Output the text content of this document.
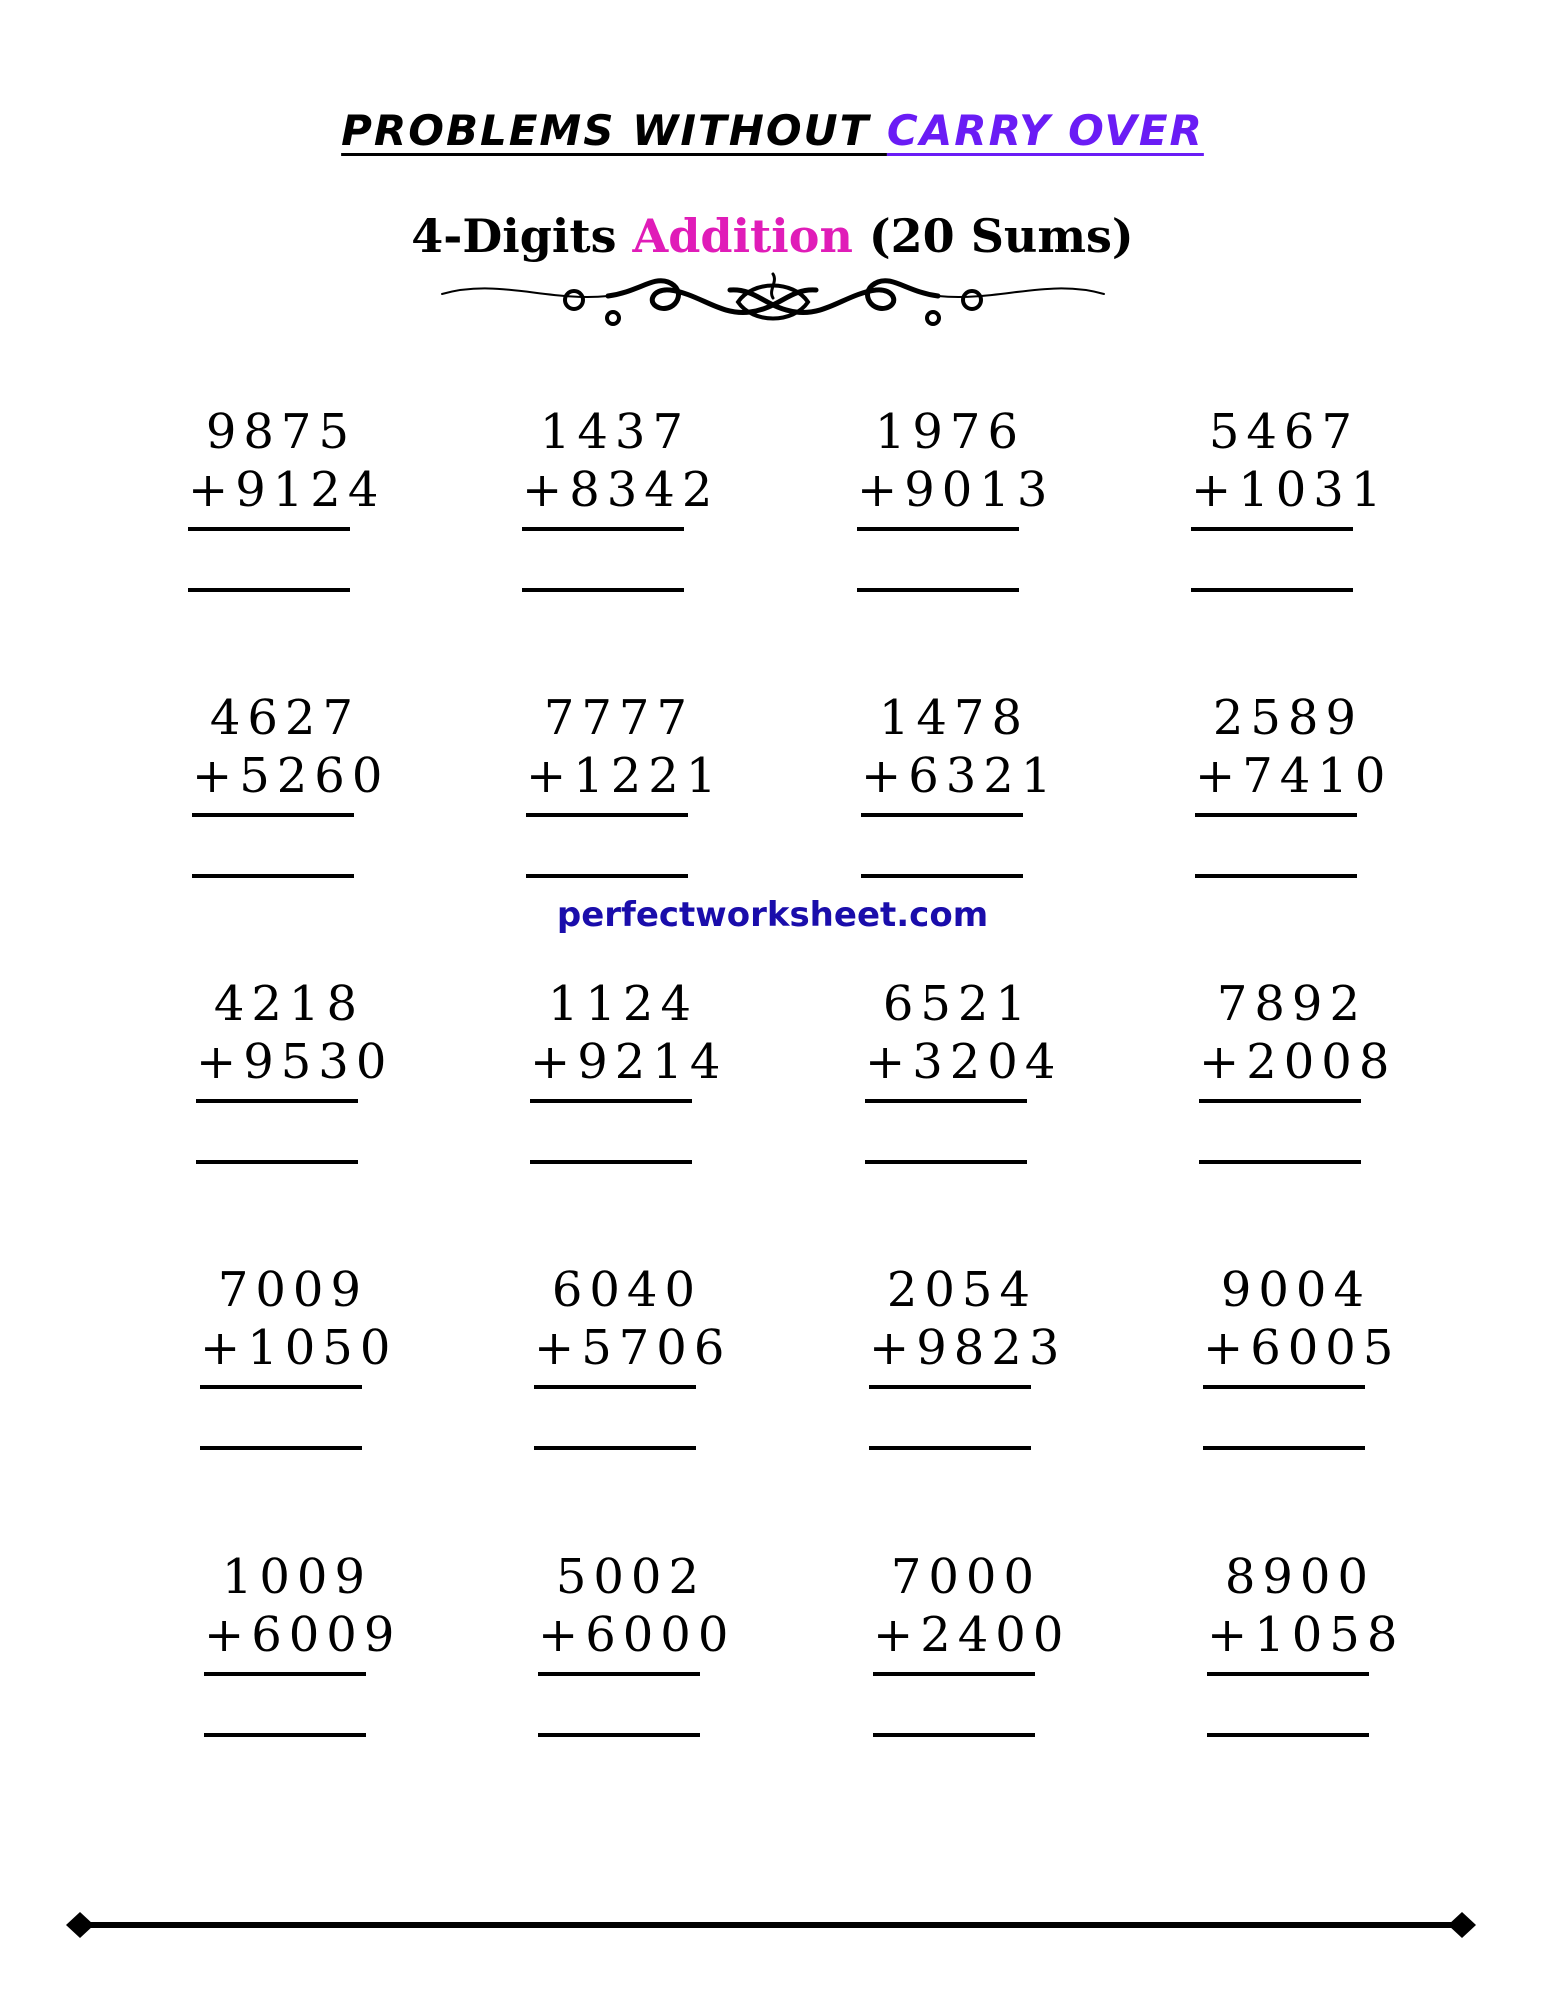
PROBLEMS WITHOUT CARRY OVER
4-Digits Addition (20 Sums)
9875
+9124
1437
+8342
1976
+9013
5467
+1031
4627
+5260
7777
+1221
1478
+6321
2589
+7410
4218
+9530
1124
+9214
6521
+3204
7892
+2008
7009
+1050
6040
+5706
2054
+9823
9004
+6005
1009
+6009
5002
+6000
7000
+2400
8900
+1058
perfectworksheet.com
